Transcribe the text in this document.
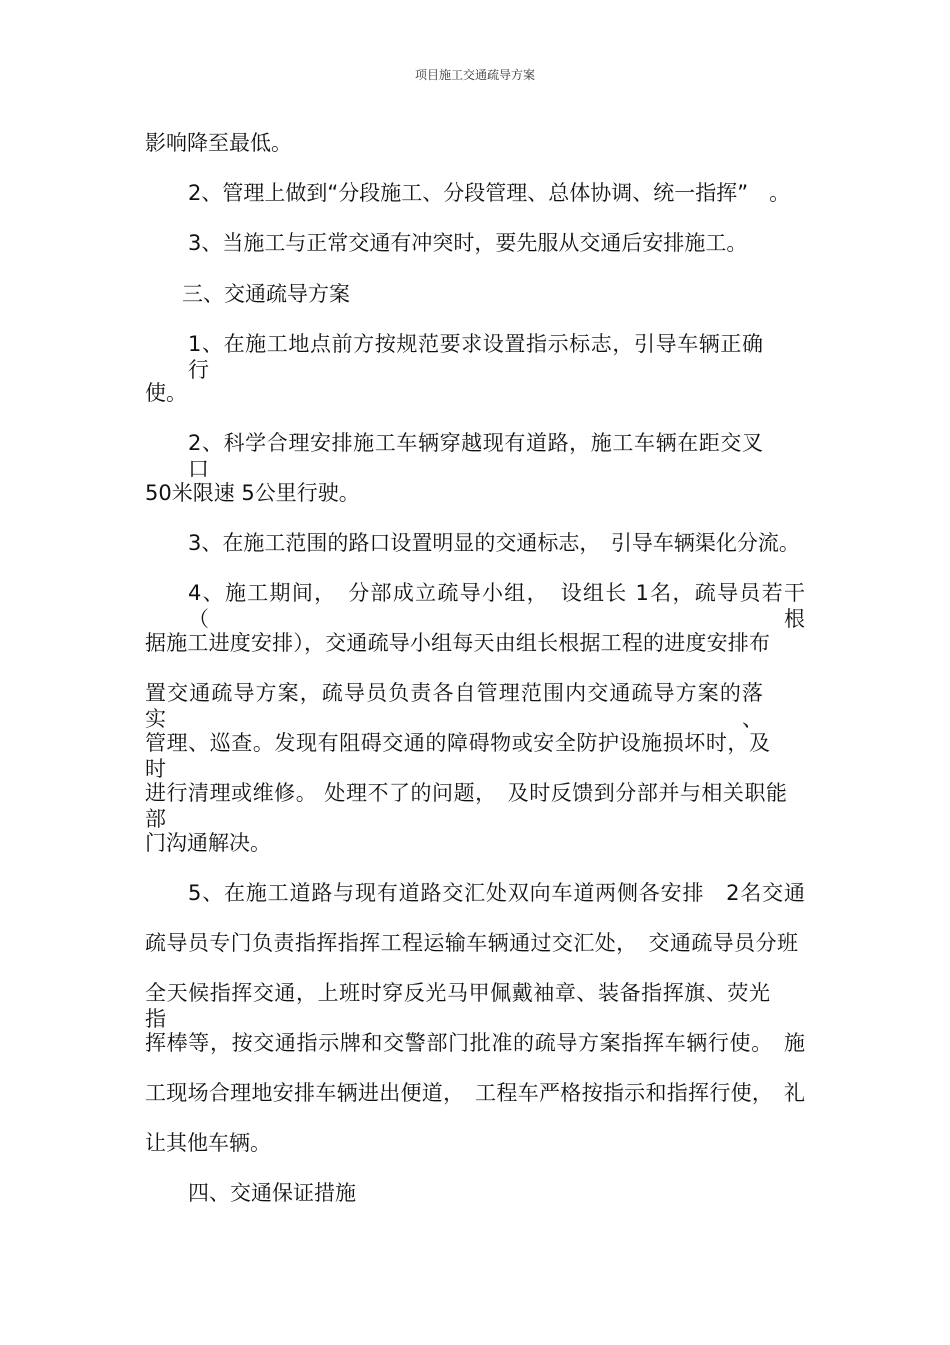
项目施工交通疏导方案
影响降至最低。
2、管理上做到“分段施工、分段管理、总体协调、统一指挥”　。
3、当施工与正常交通有冲突时，要先服从交通后安排施工。
三、交通疏导方案
1、在施工地点前方按规范要求设置指示标志，引导车辆正确行
使。
2、科学合理安排施工车辆穿越现有道路，施工车辆在距交叉口
50米限速 5公里行驶。
3、在施工范围的路口设置明显的交通标志，　引导车辆渠化分流。
4、施工期间，　分部成立疏导小组，　设组长 1名，疏导员若干 （根
据施工进度安排），交通疏导小组每天由组长根据工程的进度安排布
置交通疏导方案，疏导员负责各自管理范围内交通疏导方案的落实、
管理、巡查。发现有阻碍交通的障碍物或安全防护设施损坏时，及时
进行清理或维修。 处理不了的问题，　及时反馈到分部并与相关职能部
门沟通解决。
5、在施工道路与现有道路交汇处双向车道两侧各安排　2名交通
疏导员专门负责指挥指挥工程运输车辆通过交汇处，　交通疏导员分班
全天候指挥交通，上班时穿反光马甲佩戴袖章、装备指挥旗、荧光指
挥棒等，按交通指示牌和交警部门批准的疏导方案指挥车辆行使。　施
工现场合理地安排车辆进出便道，　工程车严格按指示和指挥行使，　礼
让其他车辆。
四、交通保证措施
